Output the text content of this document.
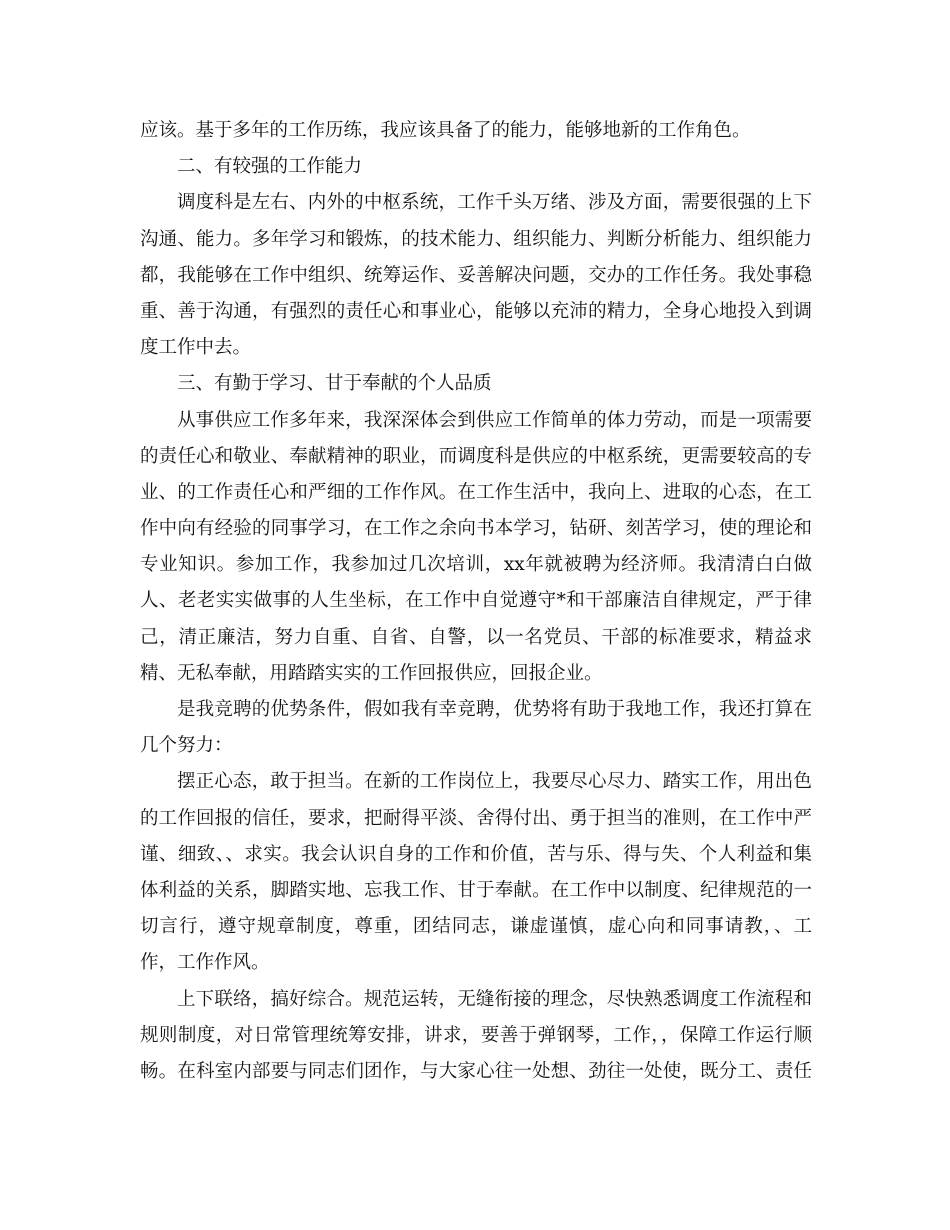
应该。基于多年的工作历练，我应该具备了的能力，能够地新的工作角色。
二、有较强的工作能力
调度科是左右、内外的中枢系统，工作千头万绪、涉及方面，需要很强的上下
沟通、能力。多年学习和锻炼，的技术能力、组织能力、判断分析能力、组织能力
都，我能够在工作中组织、统筹运作、妥善解决问题，交办的工作任务。我处事稳
重、善于沟通，有强烈的责任心和事业心，能够以充沛的精力，全身心地投入到调
度工作中去。
三、有勤于学习、甘于奉献的个人品质
从事供应工作多年来，我深深体会到供应工作简单的体力劳动，而是一项需要
的责任心和敬业、奉献精神的职业，而调度科是供应的中枢系统，更需要较高的专
业、的工作责任心和严细的工作作风。在工作生活中，我向上、进取的心态，在工
作中向有经验的同事学习，在工作之余向书本学习，钻研、刻苦学习，使的理论和
专业知识。参加工作，我参加过几次培训，xx年就被聘为经济师。我清清白白做
人、老老实实做事的人生坐标，在工作中自觉遵守*和干部廉洁自律规定，严于律
己，清正廉洁，努力自重、自省、自警，以一名党员、干部的标准要求，精益求
精、无私奉献，用踏踏实实的工作回报供应，回报企业。
是我竞聘的优势条件，假如我有幸竞聘，优势将有助于我地工作，我还打算在
几个努力：
摆正心态，敢于担当。在新的工作岗位上，我要尽心尽力、踏实工作，用出色
的工作回报的信任，要求，把耐得平淡、舍得付出、勇于担当的准则，在工作中严
谨、细致、、求实。我会认识自身的工作和价值，苦与乐、得与失、个人利益和集
体利益的关系，脚踏实地、忘我工作、甘于奉献。在工作中以制度、纪律规范的一
切言行，遵守规章制度，尊重，团结同志，谦虚谨慎，虚心向和同事请教，、工
作，工作作风。
上下联络，搞好综合。规范运转，无缝衔接的理念，尽快熟悉调度工作流程和
规则制度，对日常管理统筹安排，讲求，要善于弹钢琴，工作，，保障工作运行顺
畅。在科室内部要与同志们团作，与大家心往一处想、劲往一处使，既分工、责任
